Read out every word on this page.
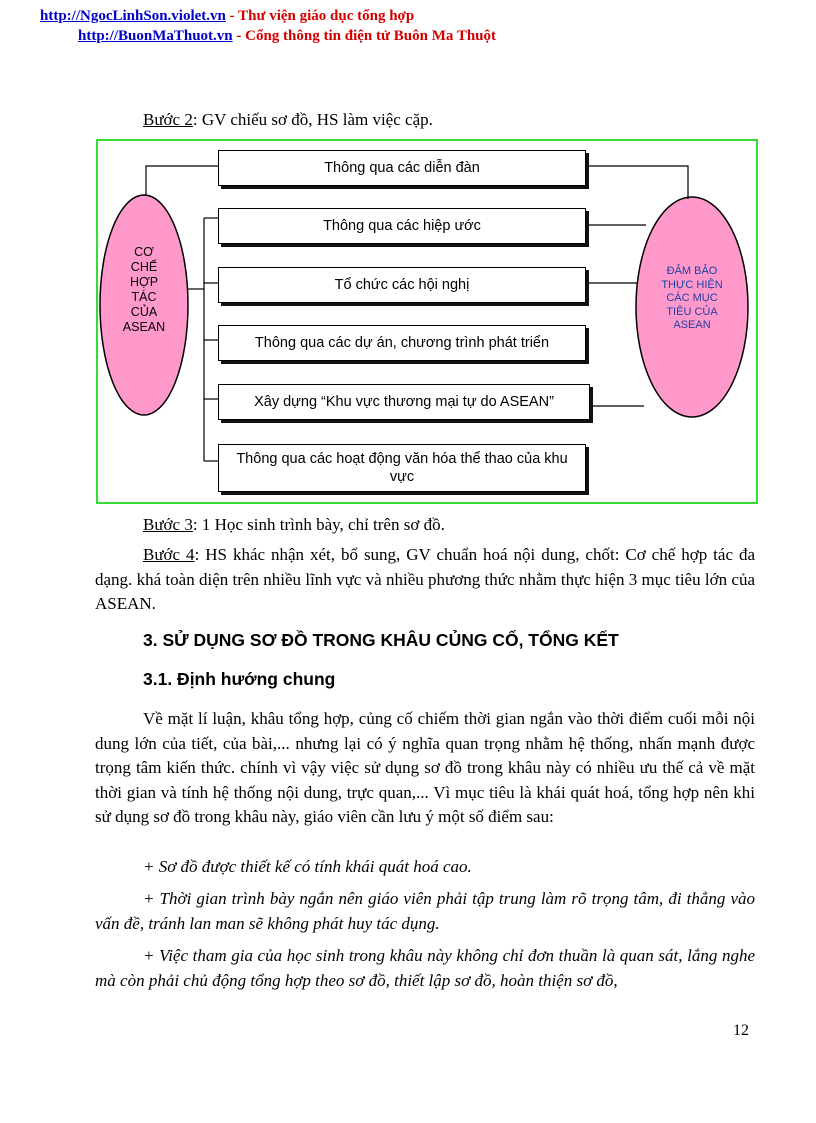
http://NgocLinhSon.violet.vn - Thư viện giáo dục tổng hợp
http://BuonMaThuot.vn - Cổng thông tin điện tử Buôn Ma Thuột
Bước 2: GV chiếu sơ đồ, HS làm việc cặp.
CƠ
CHẾ
HỢP
TÁC
CỦA
ASEAN
ĐẢM BẢO
THỰC HIỆN
CÁC MỤC
TIÊU CỦA
ASEAN
Thông qua các diễn đàn
Thông qua các hiệp ước
Tổ chức các hội nghị
Thông qua các dự án, chương trình phát triển
Xây dựng “Khu vực thương mại tự do ASEAN”
Thông qua các hoạt động văn hóa thể thao của khu vực
Bước 3: 1 Học sinh trình bày, chỉ trên sơ đồ.
Bước 4: HS khác nhận xét, bổ sung, GV chuẩn hoá nội dung, chốt: Cơ chế hợp tác đa dạng. khá toàn diện trên nhiều lĩnh vực và nhiều phương thức nhằm thực hiện 3 mục tiêu lớn của ASEAN.
3. SỬ DỤNG SƠ ĐỒ TRONG KHÂU CỦNG CỐ, TỔNG KẾT
3.1. Định hướng chung
Về mặt lí luận, khâu tổng hợp, củng cố chiếm thời gian ngắn vào thời điểm cuối mỗi nội dung lớn của tiết, của bài,... nhưng lại có ý nghĩa quan trọng nhằm hệ thống, nhấn mạnh được trọng tâm kiến thức. chính vì vậy việc sử dụng sơ đồ trong khâu này có nhiều ưu thế cả về mặt thời gian và tính hệ thống nội dung, trực quan,... Vì mục tiêu là khái quát hoá, tổng hợp nên khi sử dụng sơ đồ trong khâu này, giáo viên cần lưu ý một số điểm sau:
+ Sơ đồ được thiết kế có tính khái quát hoá cao.
+ Thời gian trình bày ngắn nên giáo viên phải tập trung làm rõ trọng tâm, đi thẳng vào vấn đề, tránh lan man sẽ không phát huy tác dụng.
+ Việc tham gia của học sinh trong khâu này không chỉ đơn thuần là quan sát, lắng nghe mà còn phải chủ động tổng hợp theo sơ đồ, thiết lập sơ đồ, hoàn thiện sơ đồ,
12
